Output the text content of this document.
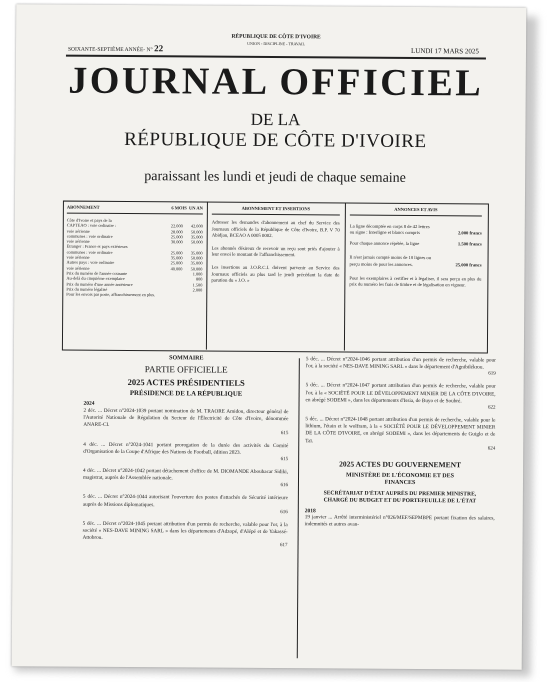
RÉPUBLIQUE DE CÔTE D'IVOIRE
UNION - DISCIPLINE - TRAVAIL
SOIXANTE-SEPTIÈME ANNÉE- N° 22	LUNDI 17 MARS 2025
JOURNAL OFFICIEL
DE LA
RÉPUBLIQUE DE CÔTE D'IVOIRE
paraissant les lundi et jeudi de chaque semaine
ABONNEMENT	6 MOIS UN AN
Côte d'Ivoire et pays de la
CAPTEAO : voie ordinaire :	22.000 42.000
voie aérienne	28.000 50.000
communes : voie ordinaire	25.000 35.000
voie aérienne	30.000 50.000
Étranger : France et pays extérieurs
communes : voie ordinaire	25.000 35.000
voie aérienne	35.000 50.000
Autres pays : voie ordinaire	25.000 35.000
voie aérienne	40.000 50.000
Prix du numéro de l'année courante	1.000
Au-delà du cinquième exemplaire	800
Prix du numéro d'une année antérieure	1.500
Prix du numéro légalisé	2.000
Pour les envois par poste, affranchissement en plus.
ABONNEMENT ET INSERTIONS
Adresser les demandes d'abonnement au chef du Service des Journaux officiels de la République de Côte d'Ivoire, B.P. V 70 Abidjan, BCEAO A 0005 0002.
Les abonnés désireux de recevoir un reçu sont priés d'ajouter à leur envoi le montant de l'affranchissement.
Les insertions au J.O.R.C.I. doivent parvenir au Service des Journaux officiels au plus tard le jeudi précédant la date de parution du « J.O. »
ANNONCES ET AVIS
La ligne décomptée en corps 8 de 42 lettres ou signe : Interligne et blancs compris	2.000 francs
Pour chaque annonce répétée, la ligne	1.500 francs
Il n'est jamais compté moins de 10 lignes ou perçu moins de pour les annonces.	25.000 francs
Pour les exemplaires à certifier et à légaliser, il sera perçu en plus du prix du numéro les frais de timbre et de légalisation en vigueur.
SOMMAIRE
PARTIE OFFICIELLE
2025 ACTES PRÉSIDENTIELS
PRÉSIDENCE DE LA RÉPUBLIQUE
2024
2 déc. ... Décret n°2024-1039 portant nomination de M. TRAORE Amidou, directeur général de l'Autorité Nationale de Régulation du Secteur de l'Électricité de Côte d'Ivoire, dénommée ANARE-CI.
615
4 déc. ... Décret n°2024-1041 portant prorogation de la durée des activités du Comité d'Organisation de la Coupe d'Afrique des Nations de Football, édition 2023.
615
4 déc. ... Décret n°2024-1042 portant détachement d'office de M. DIOMANDE Aboubacar Sidiki, magistrat, auprès de l'Assemblée nationale.
616
5 déc. ... Décret n°2024-1044 autorisant l'ouverture des postes d'attachés de Sécurité intérieure auprès de Missions diplomatiques.
616
5 déc. ... Décret n°2024-1045 portant attribution d'un permis de recherche, valable pour l'or, à la société « NES-DAVE MINING SARL » dans les départements d'Adzopé, d'Alépé et de Yakassé-Attobrou.
617
5 déc. ... Décret n°2024-1046 portant attribution d'un permis de recherche, valable pour l'or, à la société « NES-DAVE MINING SARL » dans le département d'Agnibilékrou.
619
5 déc. ... Décret n°2024-1047 portant attribution d'un permis de recherche, valable pour l'or, à la « SOCIÉTÉ POUR LE DÉVELOPPEMENT MINIER DE LA CÔTE D'IVOIRE, en abrégé SODEMI », dans les départements d'Issia, de Buyo et de Soubré.
622
5 déc. ... Décret n°2024-1048 portant attribution d'un permis de recherche, valable pour le lithium, l'étain et le wolfram, à la « SOCIÉTÉ POUR LE DÉVELOPPEMENT MINIER DE LA CÔTE D'IVOIRE, en abrégé SODEMI », dans les départements de Guiglo et de Taï.
624
2025 ACTES DU GOUVERNEMENT
MINISTÈRE DE L'ÉCONOMIE ET DES FINANCES
SECRÉTARIAT D'ÉTAT AUPRÈS DU PREMIER MINISTRE, CHARGÉ DU BUDGET ET DU PORTEFEUILLE DE L'ÉTAT
2018
19 janvier ... Arrêté interministériel n°026/MEF/SEPMBPE portant fixation des salaires, indemnités et autres avan-
